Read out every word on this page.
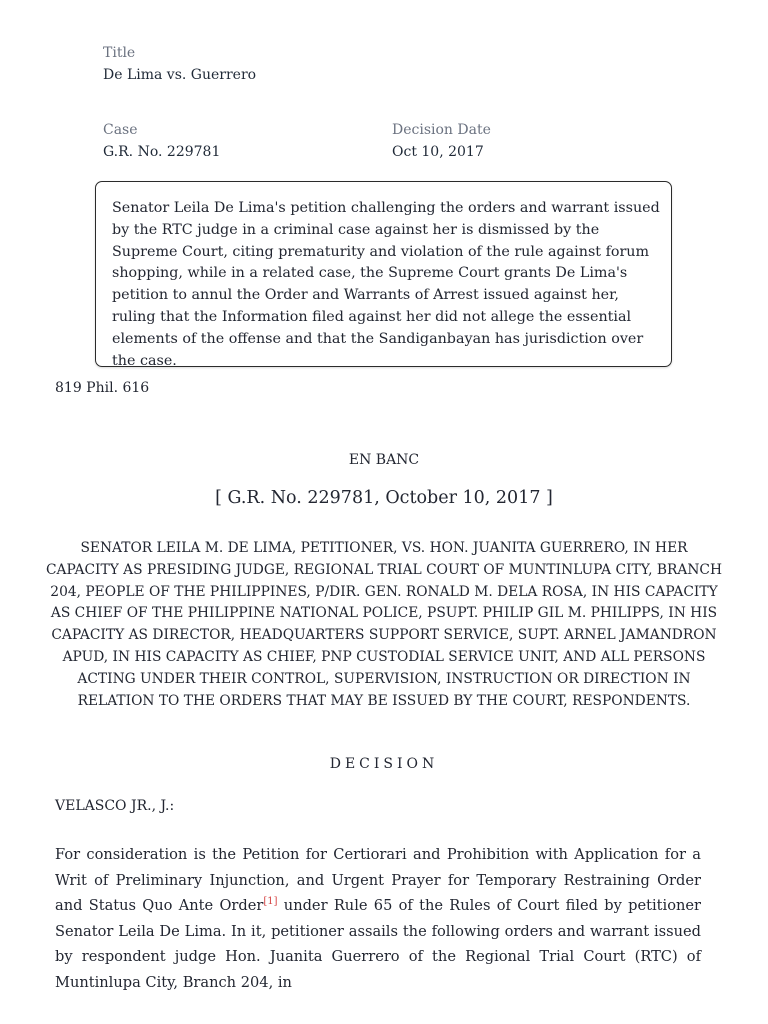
Title
De Lima vs. Guerrero
Case
G.R. No. 229781
Decision Date
Oct 10, 2017
Senator Leila De Lima's petition challenging the orders and warrant issued by the RTC judge in a criminal case against her is dismissed by the Supreme Court, citing prematurity and violation of the rule against forum shopping, while in a related case, the Supreme Court grants De Lima's petition to annul the Order and Warrants of Arrest issued against her, ruling that the Information filed against her did not allege the essential elements of the offense and that the Sandiganbayan has jurisdiction over the case.
819 Phil. 616
EN BANC
[ G.R. No. 229781, October 10, 2017 ]
SENATOR LEILA M. DE LIMA, PETITIONER, VS. HON. JUANITA GUERRERO, IN HER CAPACITY AS PRESIDING JUDGE, REGIONAL TRIAL COURT OF MUNTINLUPA CITY, BRANCH 204, PEOPLE OF THE PHILIPPINES, P/DIR. GEN. RONALD M. DELA ROSA, IN HIS CAPACITY AS CHIEF OF THE PHILIPPINE NATIONAL POLICE, PSUPT. PHILIP GIL M. PHILIPPS, IN HIS CAPACITY AS DIRECTOR, HEADQUARTERS SUPPORT SERVICE, SUPT. ARNEL JAMANDRON APUD, IN HIS CAPACITY AS CHIEF, PNP CUSTODIAL SERVICE UNIT, AND ALL PERSONS ACTING UNDER THEIR CONTROL, SUPERVISION, INSTRUCTION OR DIRECTION IN RELATION TO THE ORDERS THAT MAY BE ISSUED BY THE COURT, RESPONDENTS.
DECISION
VELASCO JR., J.:
For consideration is the Petition for Certiorari and Prohibition with Application for a Writ of Preliminary Injunction, and Urgent Prayer for Temporary Restraining Order and Status Quo Ante Order[1] under Rule 65 of the Rules of Court filed by petitioner Senator Leila De Lima. In it, petitioner assails the following orders and warrant issued by respondent judge Hon. Juanita Guerrero of the Regional Trial Court (RTC) of Muntinlupa City, Branch 204, in
